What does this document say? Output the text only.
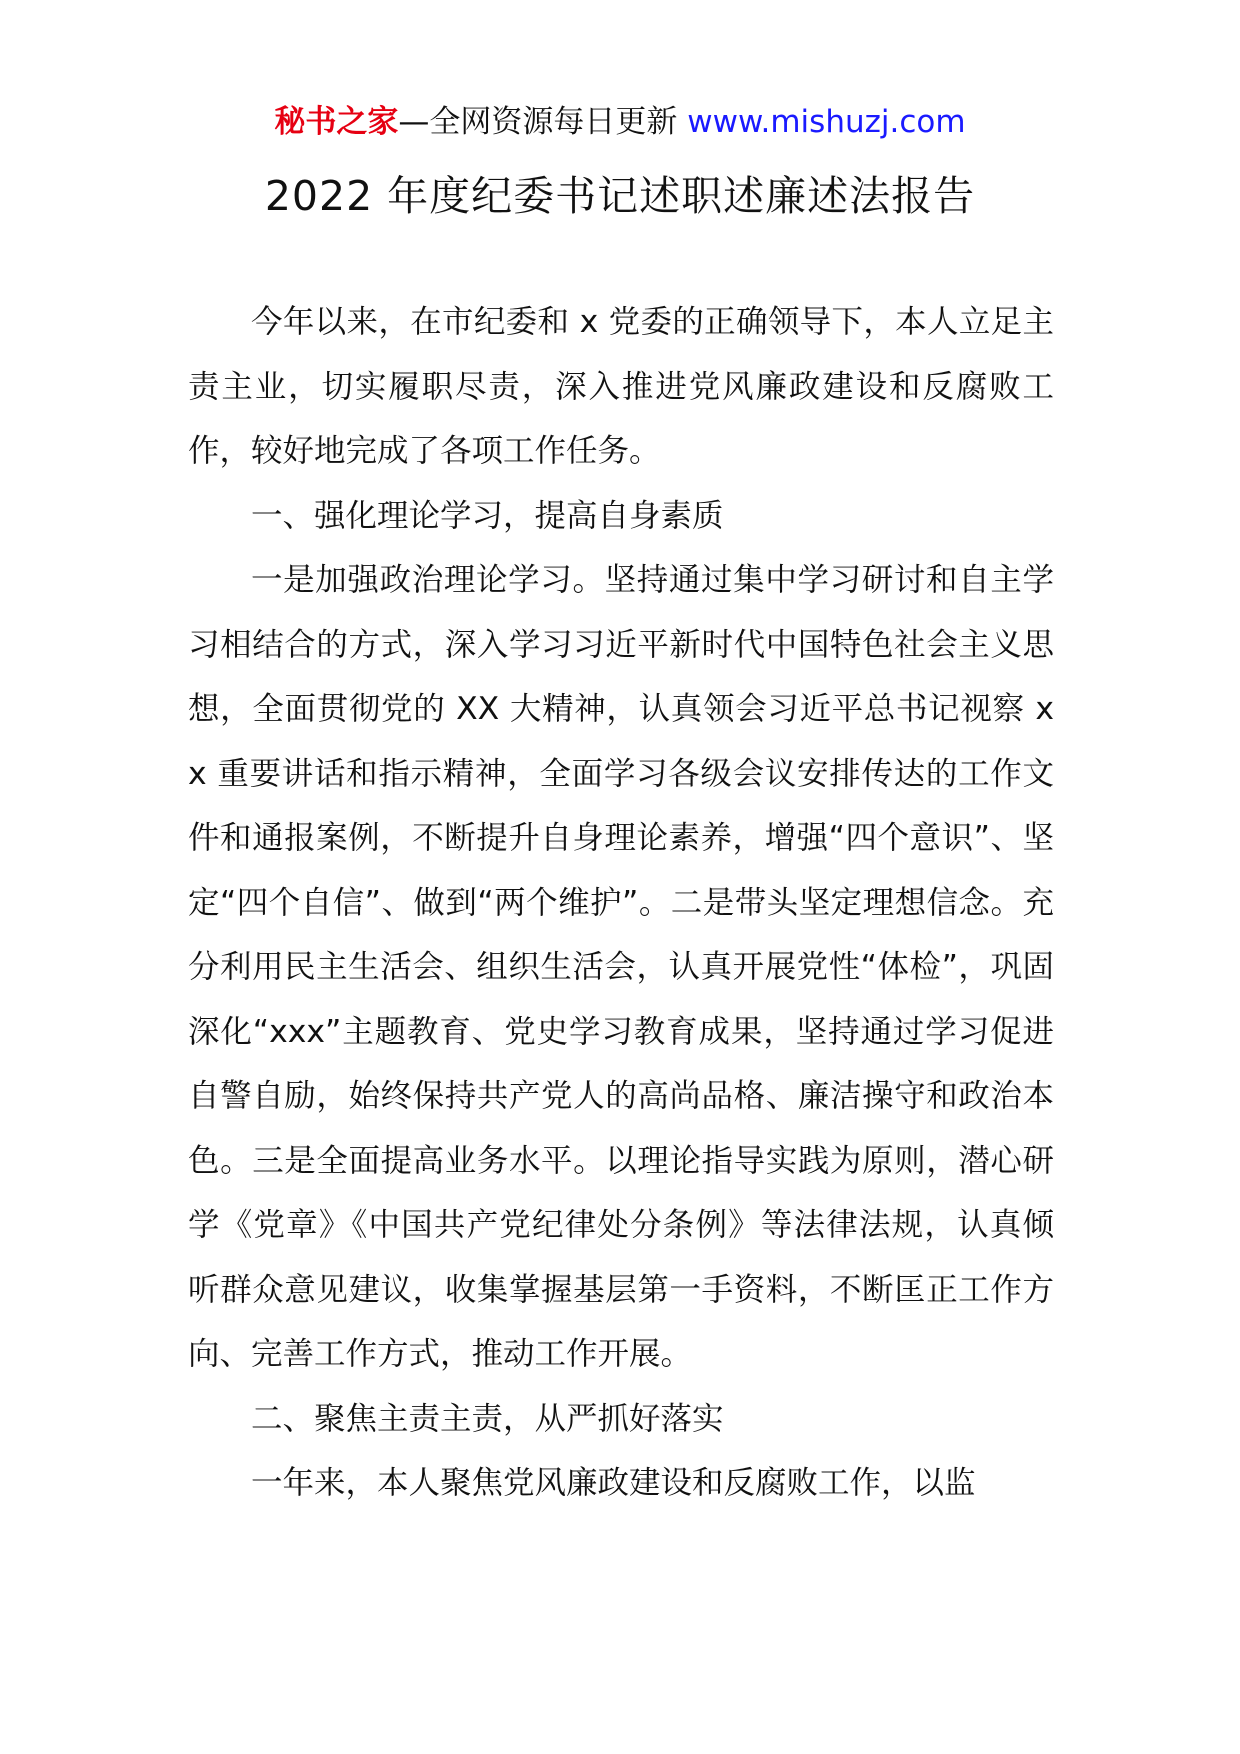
秘书之家—全网资源每日更新 www.mishuzj.com
2022 年度纪委书记述职述廉述法报告

今年以来，在市纪委和 x 党委的正确领导下，本人立足主责主业，切实履职尽责，深入推进党风廉政建设和反腐败工作，较好地完成了各项工作任务。

一、强化理论学习，提高自身素质

一是加强政治理论学习。坚持通过集中学习研讨和自主学习相结合的方式，深入学习习近平新时代中国特色社会主义思想，全面贯彻党的 XX 大精神，认真领会习近平总书记视察 xx 重要讲话和指示精神，全面学习各级会议安排传达的工作文件和通报案例，不断提升自身理论素养，增强“四个意识”、坚定“四个自信”、做到“两个维护”。二是带头坚定理想信念。充分利用民主生活会、组织生活会，认真开展党性“体检”，巩固深化“xxx”主题教育、党史学习教育成果，坚持通过学习促进自警自励，始终保持共产党人的高尚品格、廉洁操守和政治本色。三是全面提高业务水平。以理论指导实践为原则，潜心研学《党章》《中国共产党纪律处分条例》等法律法规，认真倾听群众意见建议，收集掌握基层第一手资料，不断匡正工作方向、完善工作方式，推动工作开展。

二、聚焦主责主责，从严抓好落实

一年来，本人聚焦党风廉政建设和反腐败工作，以监
